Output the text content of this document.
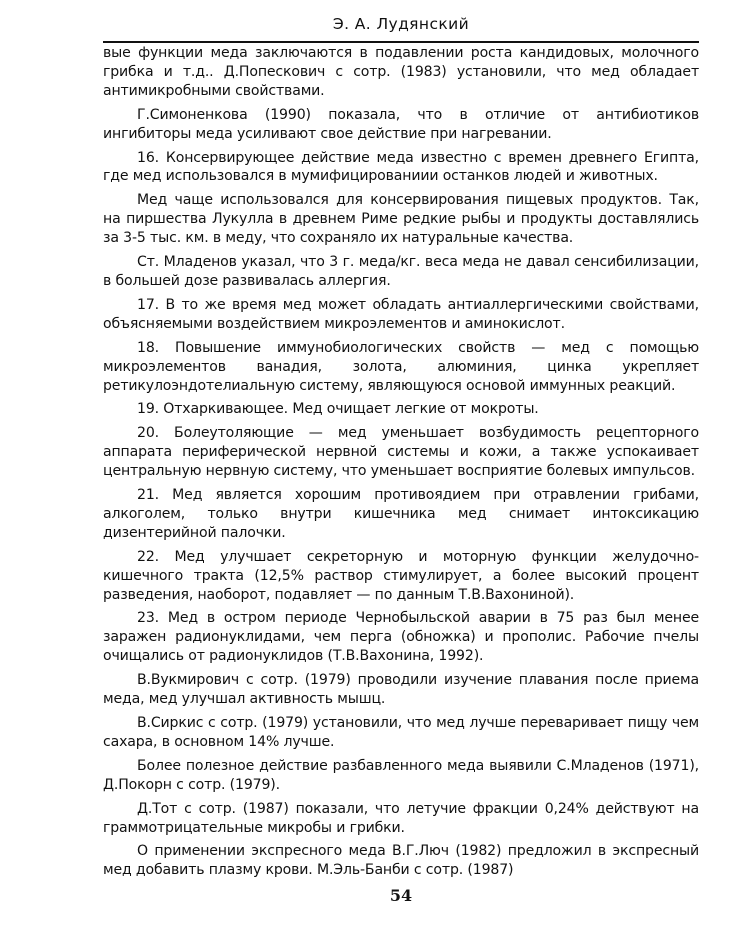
Э. А. Лудянский

вые функции меда заключаются в подавлении роста кандидовых, молочного грибка и т.д.. Д.Попескович с сотр. (1983) установили, что мед обладает антимикробными свойствами.

Г.Симоненкова (1990) показала, что в отличие от антибиотиков ингибиторы меда усиливают свое действие при нагревании.

16. Консервирующее действие меда известно с времен древнего Египта, где мед использовался в мумифицированиии останков людей и животных.

Мед чаще использовался для консервирования пищевых продуктов. Так, на пиршества Лукулла в древнем Риме редкие рыбы и продукты доставлялись за 3-5 тыс. км. в меду, что сохраняло их натуральные качества.

Ст. Младенов указал, что 3 г. меда/кг. веса меда не давал сенсибилизации, в большей дозе развивалась аллергия.

17. В то же время мед может обладать антиаллергическими свойствами, объясняемыми воздействием микроэлементов и аминокислот.

18. Повышение иммунобиологических свойств — мед с помощью микроэлементов ванадия, золота, алюминия, цинка укрепляет ретикулоэндотелиальную систему, являющуюся основой иммунных реакций.

19. Отхаркивающее. Мед очищает легкие от мокроты.

20. Болеутоляющие — мед уменьшает возбудимость рецепторного аппарата периферической нервной системы и кожи, а также успокаивает центральную нервную систему, что уменьшает восприятие болевых импульсов.

21. Мед является хорошим противоядием при отравлении грибами, алкоголем, только внутри кишечника мед снимает интоксикацию дизентерийной палочки.

22. Мед улучшает секреторную и моторную функции желудочно-кишечного тракта (12,5% раствор стимулирует, а более высокий процент разведения, наоборот, подавляет — по данным Т.В.Вахониной).

23. Мед в остром периоде Чернобыльской аварии в 75 раз был менее заражен радионуклидами, чем перга (обножка) и прополис. Рабочие пчелы очищались от радионуклидов (Т.В.Вахонина, 1992).

В.Вукмирович с сотр. (1979) проводили изучение плавания после приема меда, мед улучшал активность мышц.

В.Сиркис с сотр. (1979) установили, что мед лучше переваривает пищу чем сахара, в основном 14% лучше.

Более полезное действие разбавленного меда выявили С.Младенов (1971), Д.Покорн с сотр. (1979).

Д.Тот с сотр. (1987) показали, что летучие фракции 0,24% действуют на граммотрицательные микробы и грибки.

О применении экспресного меда В.Г.Люч (1982) предложил в экспресный мед добавить плазму крови. М.Эль-Банби с сотр. (1987)

54
